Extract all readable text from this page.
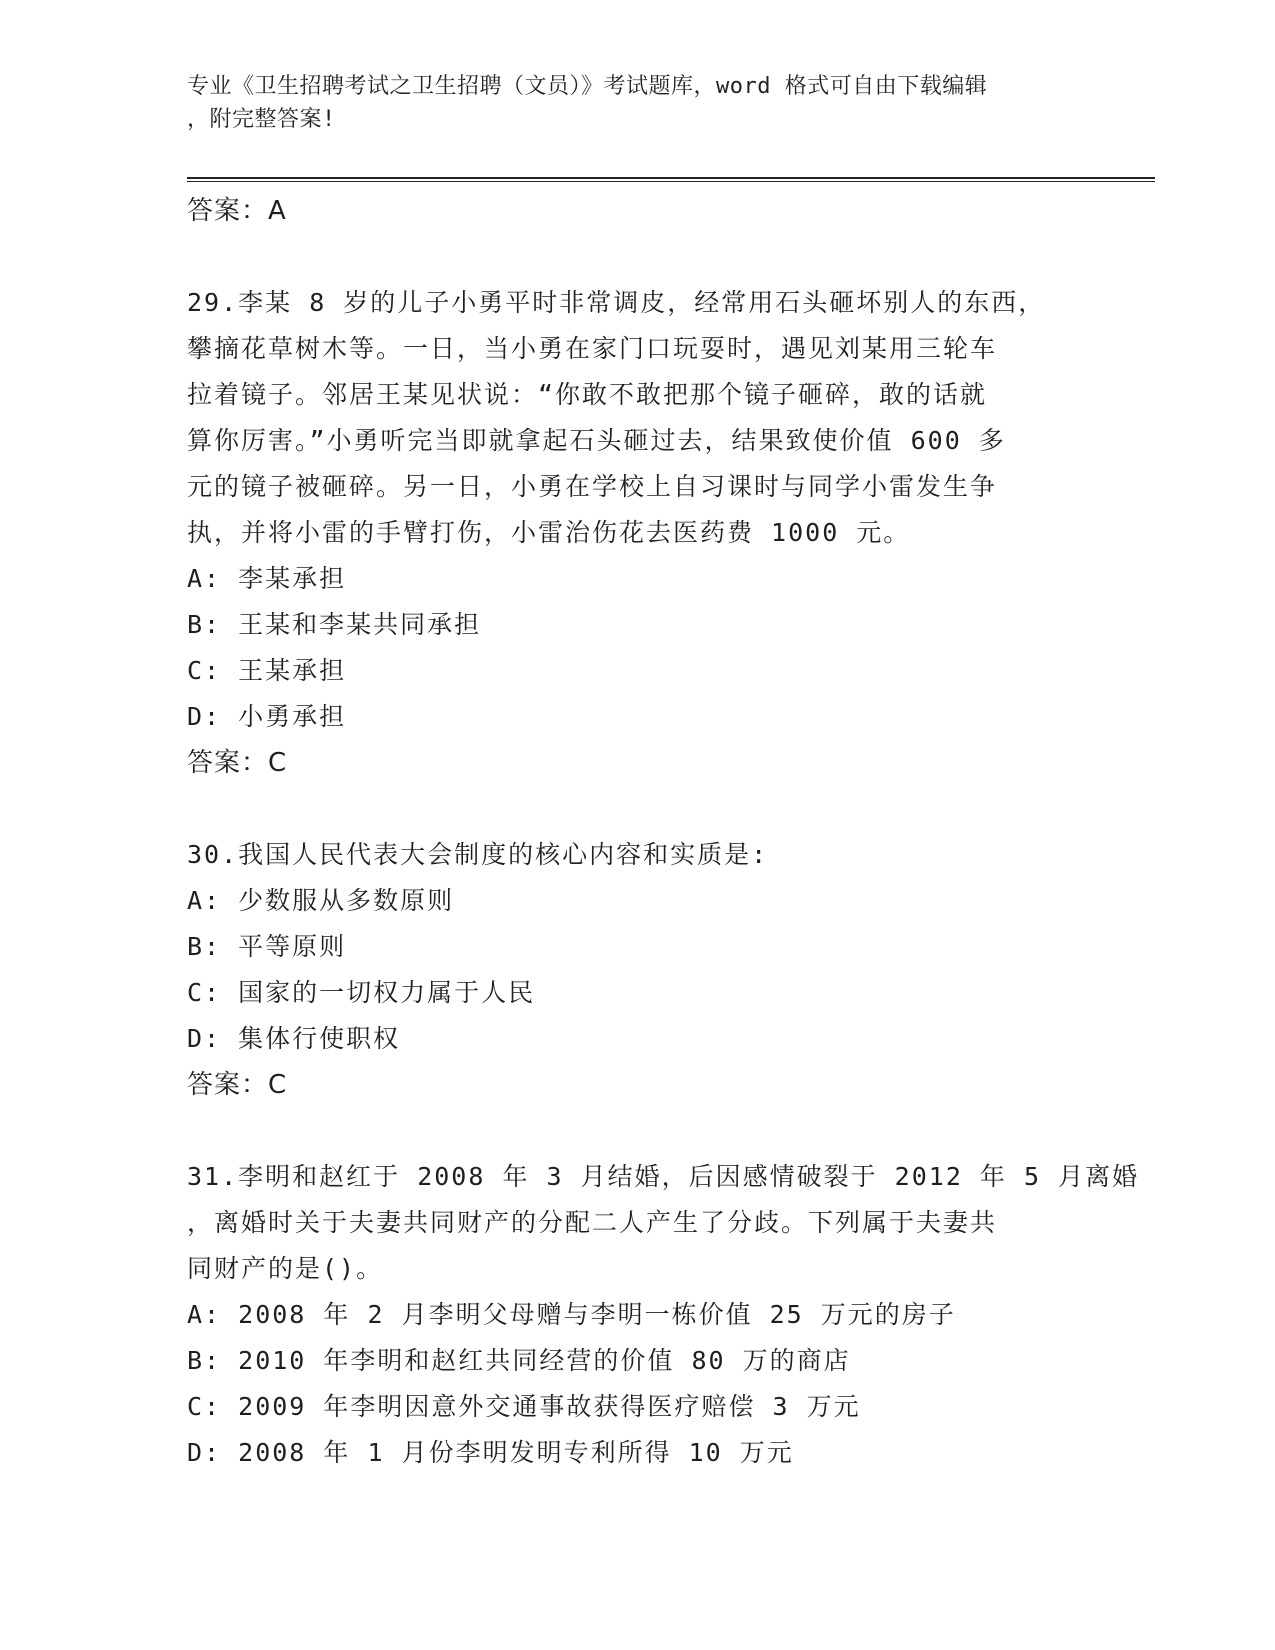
专业《卫生招聘考试之卫生招聘（文员）》考试题库，word 格式可自由下载编辑
，附完整答案!
答案：A
29.李某 8 岁的儿子小勇平时非常调皮，经常用石头砸坏别人的东西，
攀摘花草树木等。一日，当小勇在家门口玩耍时，遇见刘某用三轮车
拉着镜子。邻居王某见状说：“你敢不敢把那个镜子砸碎，敢的话就
算你厉害。”小勇听完当即就拿起石头砸过去，结果致使价值 600 多
元的镜子被砸碎。另一日，小勇在学校上自习课时与同学小雷发生争
执，并将小雷的手臂打伤，小雷治伤花去医药费 1000 元。
A: 李某承担
B: 王某和李某共同承担
C: 王某承担
D: 小勇承担
答案：C
30.我国人民代表大会制度的核心内容和实质是:
A: 少数服从多数原则
B: 平等原则
C: 国家的一切权力属于人民
D: 集体行使职权
答案：C
31.李明和赵红于 2008 年 3 月结婚，后因感情破裂于 2012 年 5 月离婚
，离婚时关于夫妻共同财产的分配二人产生了分歧。下列属于夫妻共
同财产的是()。
A: 2008 年 2 月李明父母赠与李明一栋价值 25 万元的房子
B: 2010 年李明和赵红共同经营的价值 80 万的商店
C: 2009 年李明因意外交通事故获得医疗赔偿 3 万元
D: 2008 年 1 月份李明发明专利所得 10 万元
